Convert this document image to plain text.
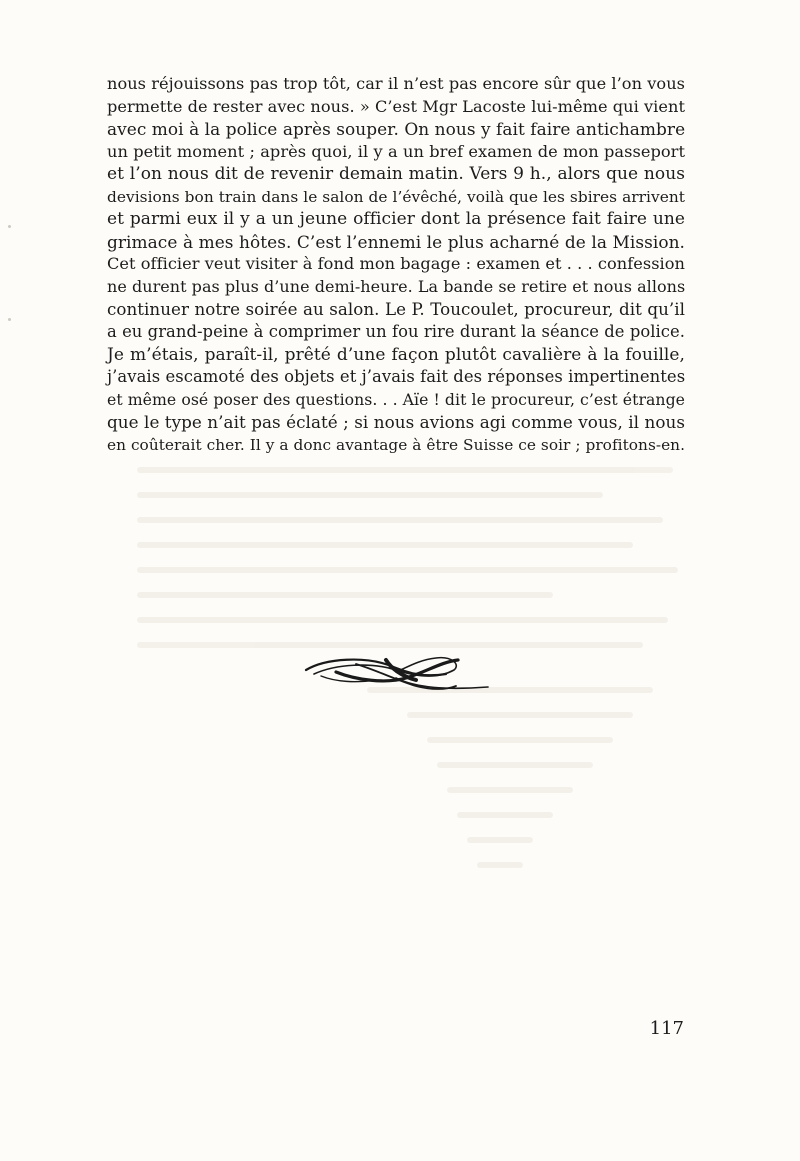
nous réjouissons pas trop tôt, car il n’est pas encore sûr que l’on vous
permette de rester avec nous. » C’est Mgr Lacoste lui-même qui vient
avec moi à la police après souper. On nous y fait faire antichambre
un petit moment ; après quoi, il y a un bref examen de mon passeport
et l’on nous dit de revenir demain matin. Vers 9 h., alors que nous
devisions bon train dans le salon de l’évêché, voilà que les sbires arrivent
et parmi eux il y a un jeune officier dont la présence fait faire une
grimace à mes hôtes. C’est l’ennemi le plus acharné de la Mission.
Cet officier veut visiter à fond mon bagage : examen et . . . confession
ne durent pas plus d’une demi-heure. La bande se retire et nous allons
continuer notre soirée au salon. Le P. Toucoulet, procureur, dit qu’il
a eu grand-peine à comprimer un fou rire durant la séance de police.
Je m’étais, paraît-il, prêté d’une façon plutôt cavalière à la fouille,
j’avais escamoté des objets et j’avais fait des réponses impertinentes
et même osé poser des questions. . . Aïe ! dit le procureur, c’est étrange
que le type n’ait pas éclaté ; si nous avions agi comme vous, il nous
en coûterait cher. Il y a donc avantage à être Suisse ce soir ; profitons-en.
117
